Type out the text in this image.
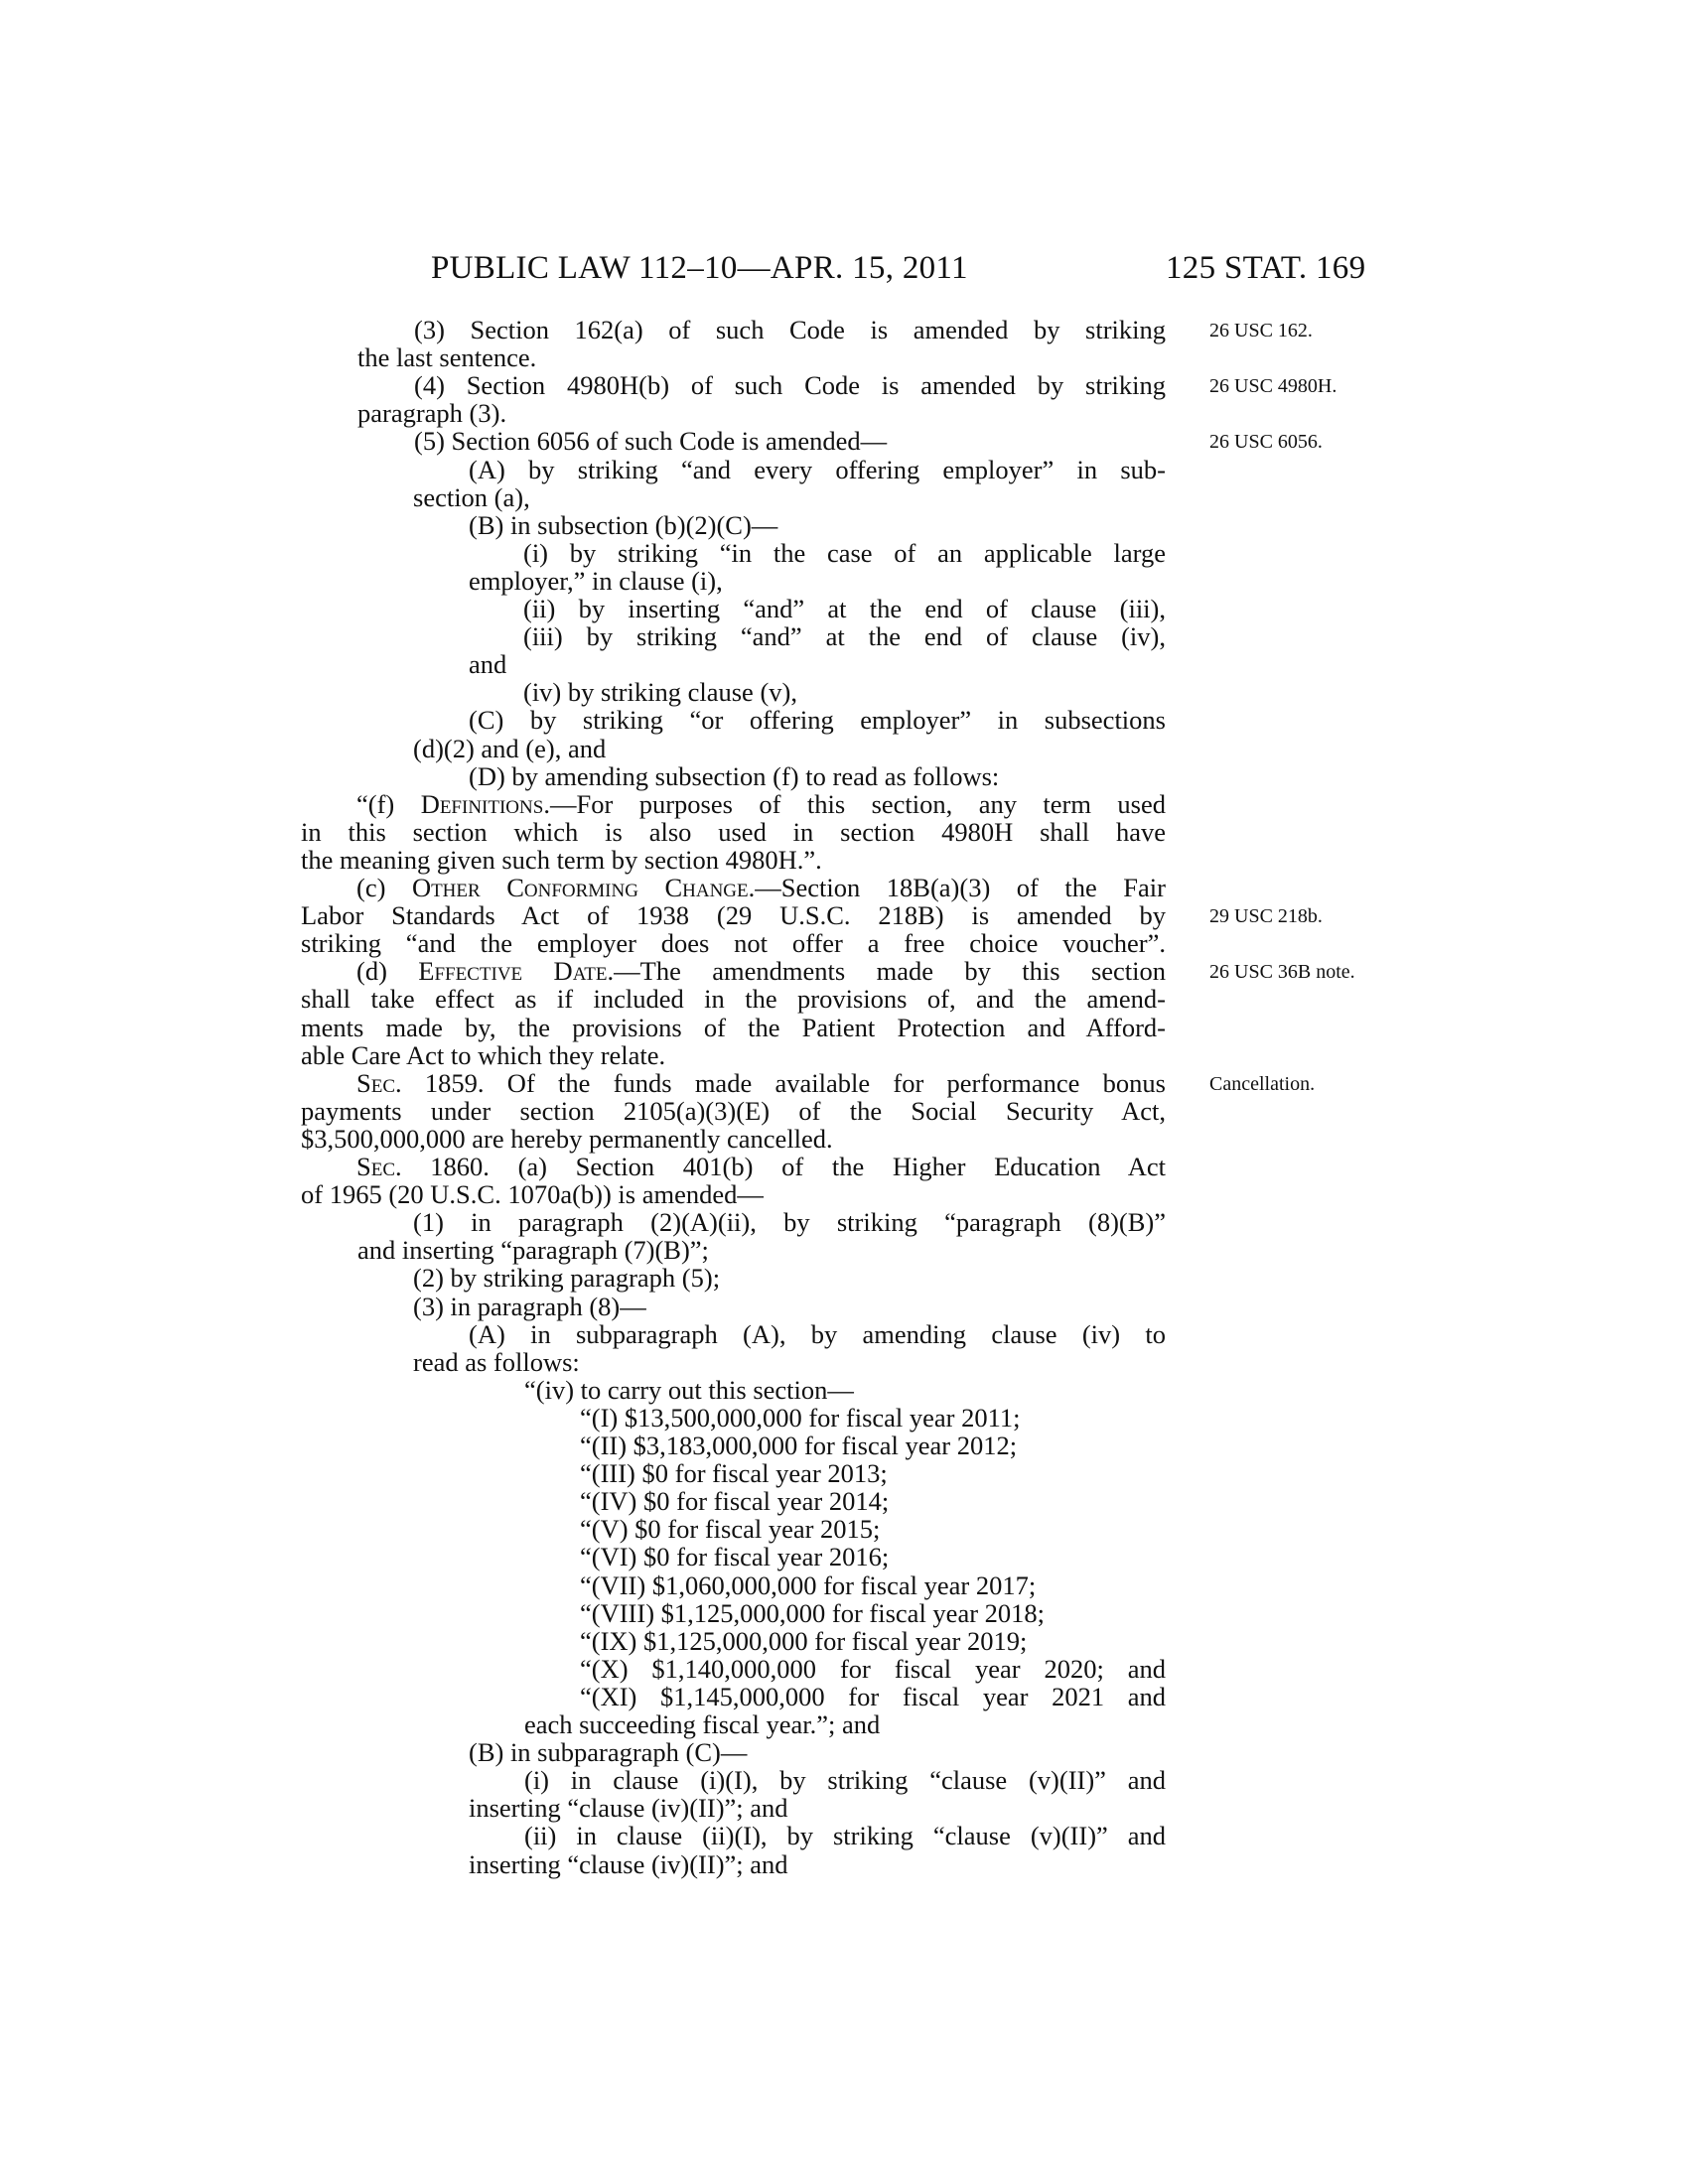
PUBLIC LAW 112–10—APR. 15, 2011	125 STAT. 169
(3) Section 162(a) of such Code is amended by striking
the last sentence.
(4) Section 4980H(b) of such Code is amended by striking
paragraph (3).
(5) Section 6056 of such Code is amended—
(A) by striking “and every offering employer” in sub-
section (a),
(B) in subsection (b)(2)(C)—
(i) by striking “in the case of an applicable large
employer,” in clause (i),
(ii) by inserting “and” at the end of clause (iii),
(iii) by striking “and” at the end of clause (iv),
and
(iv) by striking clause (v),
(C) by striking “or offering employer” in subsections
(d)(2) and (e), and
(D) by amending subsection (f) to read as follows:
“(f) Definitions.—For purposes of this section, any term used
in this section which is also used in section 4980H shall have
the meaning given such term by section 4980H.”.
(c) Other Conforming Change.—Section 18B(a)(3) of the Fair
Labor Standards Act of 1938 (29 U.S.C. 218B) is amended by
striking “and the employer does not offer a free choice voucher”.
(d) Effective Date.—The amendments made by this section
shall take effect as if included in the provisions of, and the amend-
ments made by, the provisions of the Patient Protection and Afford-
able Care Act to which they relate.
Sec. 1859. Of the funds made available for performance bonus
payments under section 2105(a)(3)(E) of the Social Security Act,
$3,500,000,000 are hereby permanently cancelled.
Sec. 1860. (a) Section 401(b) of the Higher Education Act
of 1965 (20 U.S.C. 1070a(b)) is amended—
(1) in paragraph (2)(A)(ii), by striking “paragraph (8)(B)”
and inserting “paragraph (7)(B)”;
(2) by striking paragraph (5);
(3) in paragraph (8)—
(A) in subparagraph (A), by amending clause (iv) to
read as follows:
“(iv) to carry out this section—
“(I) $13,500,000,000 for fiscal year 2011;
“(II) $3,183,000,000 for fiscal year 2012;
“(III) $0 for fiscal year 2013;
“(IV) $0 for fiscal year 2014;
“(V) $0 for fiscal year 2015;
“(VI) $0 for fiscal year 2016;
“(VII) $1,060,000,000 for fiscal year 2017;
“(VIII) $1,125,000,000 for fiscal year 2018;
“(IX) $1,125,000,000 for fiscal year 2019;
“(X) $1,140,000,000 for fiscal year 2020; and
“(XI) $1,145,000,000 for fiscal year 2021 and
each succeeding fiscal year.”; and
(B) in subparagraph (C)—
(i) in clause (i)(I), by striking “clause (v)(II)” and
inserting “clause (iv)(II)”; and
(ii) in clause (ii)(I), by striking “clause (v)(II)” and
inserting “clause (iv)(II)”; and
26 USC 162.
26 USC 4980H.
26 USC 6056.
29 USC 218b.
26 USC 36B note.
Cancellation.
